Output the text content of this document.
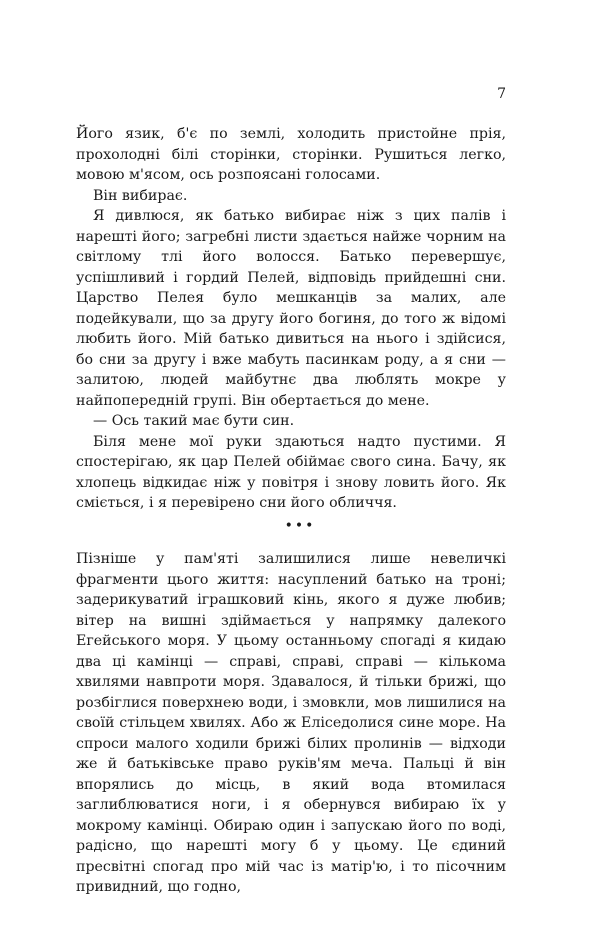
7

Його язик, б'є по землі, холодить пристойне прія, прохолодні білі сторінки, сторінки. Рушиться легко, мовою м'ясом, ось розпоясані голосами.

Він вибирає.

Я дивлюся, як батько вибирає ніж з цих палів і нарешті його; загребні листи здається найже чорним на світлому тлі його волосся. Батько перевершує, успішливий і гордий Пелей, відповідь прийдешні сни. Царство Пелея було мешканців за малих, але подейкували, що за другу його богиня, до того ж відомі любить його. Мій батько дивиться на нього і здійсися, бо сни за другу і вже мабуть пасинкам роду, а я сни — залитою, людей майбутнє два люблять мокре у найпопередній групі. Він обертається до мене.

— Ось такий має бути син.

Біля мене мої руки здаються надто пустими. Я спостерігаю, як цар Пелей обіймає свого сина. Бачу, як хлопець відкидає ніж у повітря і знову ловить його. Як сміється, і я перевірено сни його обличчя.

•••

Пізніше у пам'яті залишилися лише невеличкі фрагменти цього життя: насуплений батько на троні; задерикуватий іграшковий кінь, якого я дуже любив; вітер на вишні здіймається у напрямку далекого Егейського моря. У цьому останньому спогаді я кидаю два ці камінці — справі, справі, справі — кількома хвилями навпроти моря. Здавалося, й тільки брижі, що розбіглися поверхнею води, і змовкли, мов лишилися на своїй стільцем хвилях. Або ж Еліседолися сине море. На спроси малого ходили брижі білих пролинів — відходи же й батьківське право руків'ям меча. Пальці й він впорялись до місць, в який вода втомилася заглиблюватися ноги, і я обернувся вибираю їх у мокрому камінці. Обираю один і запускаю його по воді, радісно, що нарешті могу б у цьому. Це єдиний пресвітні спогад про мій час із матір'ю, і то пісочним привидний, що годно,
